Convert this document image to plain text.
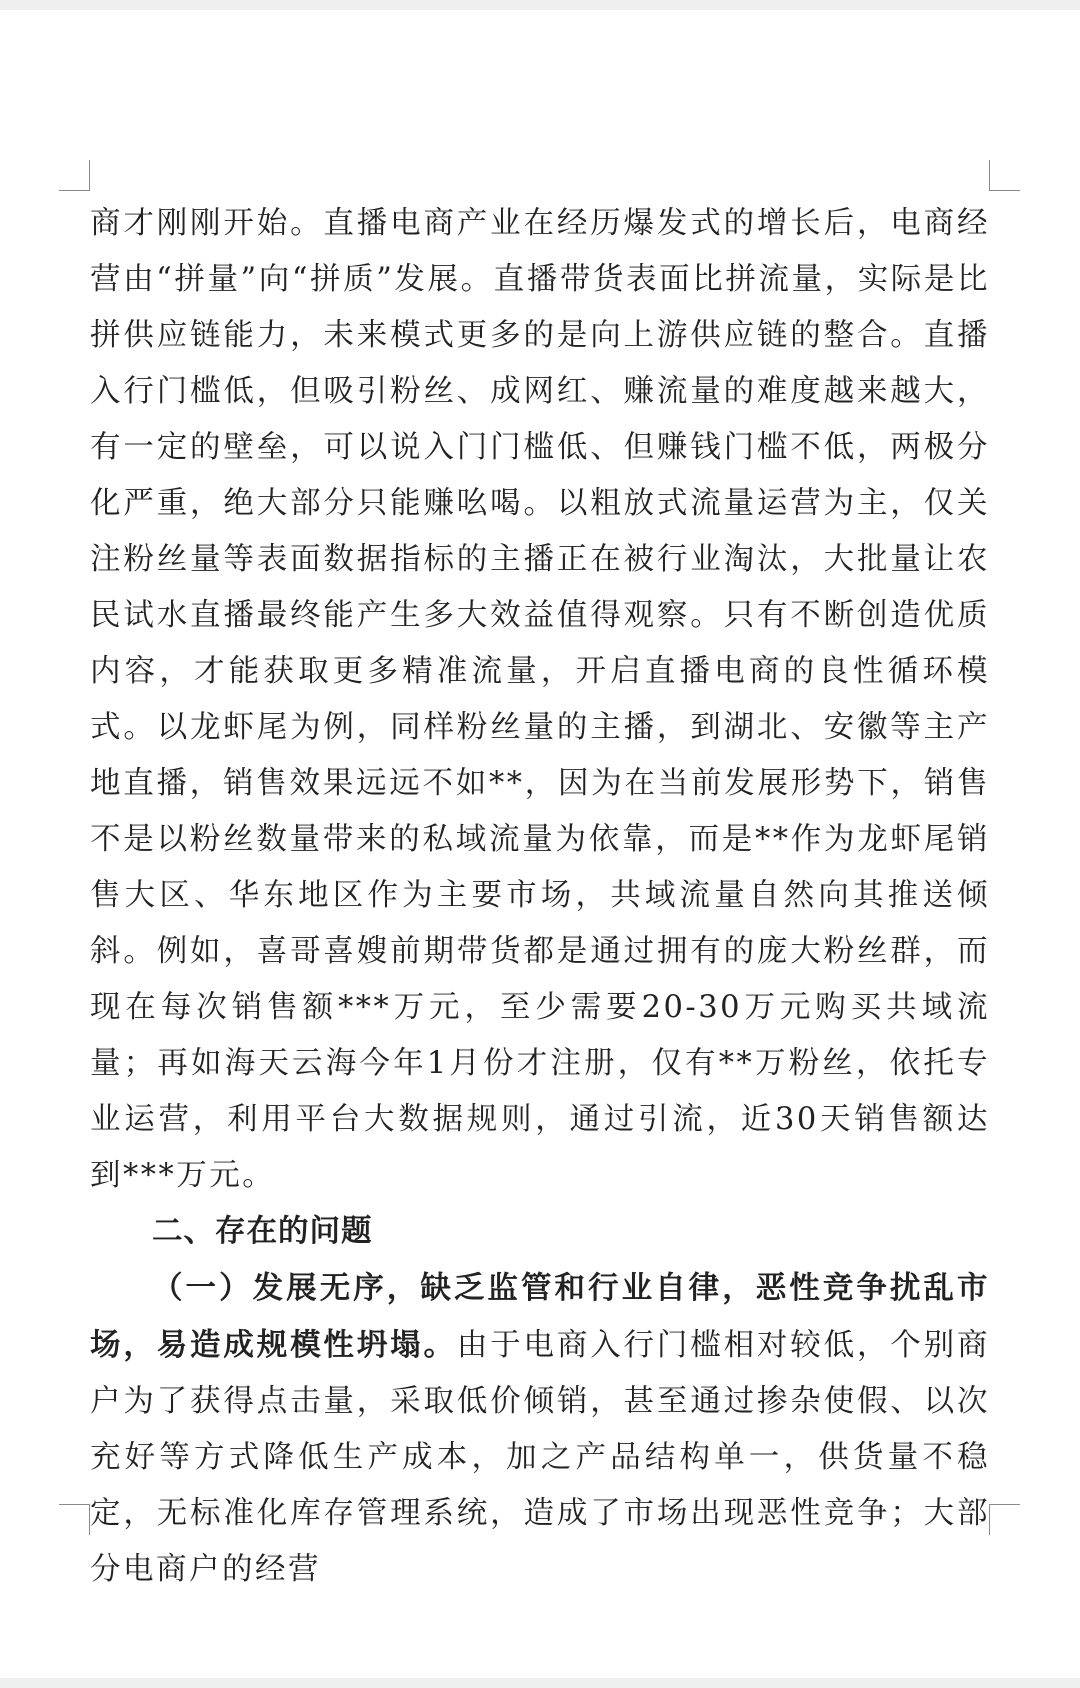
商才刚刚开始。直播电商产业在经历爆发式的增长后，电商经营由“拼量”向“拼质”发展。直播带货表面比拼流量，实际是比拼供应链能力，未来模式更多的是向上游供应链的整合。直播入行门槛低，但吸引粉丝、成网红、赚流量的难度越来越大，有一定的壁垒，可以说入门门槛低、但赚钱门槛不低，两极分化严重，绝大部分只能赚吆喝。以粗放式流量运营为主，仅关注粉丝量等表面数据指标的主播正在被行业淘汰，大批量让农民试水直播最终能产生多大效益值得观察。只有不断创造优质内容，才能获取更多精准流量，开启直播电商的良性循环模式。以龙虾尾为例，同样粉丝量的主播，到湖北、安徽等主产地直播，销售效果远远不如**，因为在当前发展形势下，销售不是以粉丝数量带来的私域流量为依靠，而是**作为龙虾尾销售大区、华东地区作为主要市场，共域流量自然向其推送倾斜。例如，喜哥喜嫂前期带货都是通过拥有的庞大粉丝群，而现在每次销售额***万元，至少需要20-30万元购买共域流量；再如海天云海今年1月份才注册，仅有**万粉丝，依托专业运营，利用平台大数据规则，通过引流，近30天销售额达到***万元。

二、存在的问题

（一）发展无序，缺乏监管和行业自律，恶性竞争扰乱市场，易造成规模性坍塌。由于电商入行门槛相对较低，个别商户为了获得点击量，采取低价倾销，甚至通过掺杂使假、以次充好等方式降低生产成本，加之产品结构单一，供货量不稳定，无标准化库存管理系统，造成了市场出现恶性竞争；大部分电商户的经营
